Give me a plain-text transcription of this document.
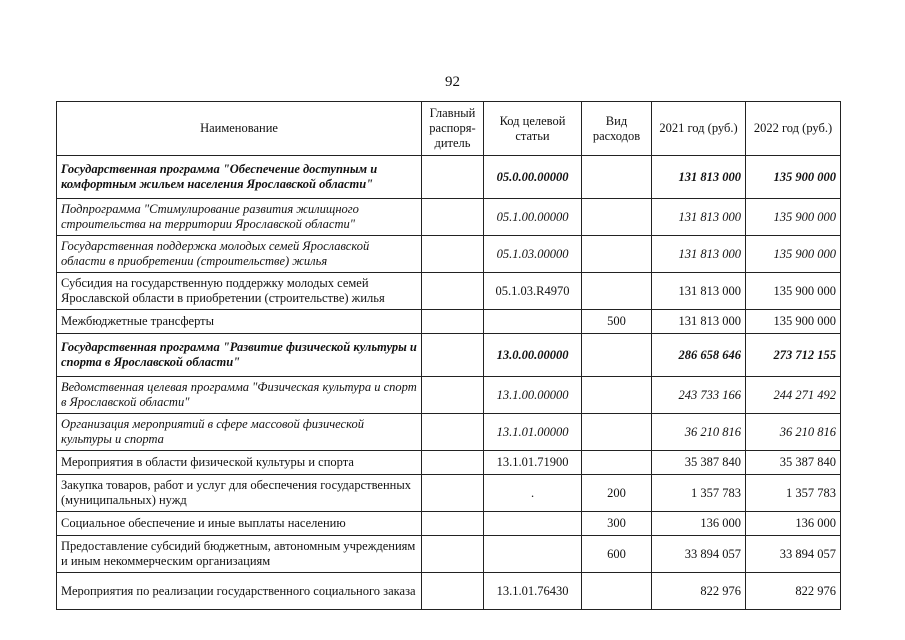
92
Наименование	Главный распоря-дитель	Код целевой статьи	Вид расходов	2021 год (руб.)	2022 год (руб.)
Государственная программа "Обеспечение доступным и комфортным жильем населения Ярославской области"		05.0.00.00000		131 813 000	135 900 000
Подпрограмма "Стимулирование развития жилищного строительства на территории Ярославской области"		05.1.00.00000		131 813 000	135 900 000
Государственная поддержка молодых семей Ярославской области в приобретении (строительстве) жилья		05.1.03.00000		131 813 000	135 900 000
Субсидия на государственную поддержку молодых семей Ярославской области в приобретении (строительстве) жилья		05.1.03.R4970		131 813 000	135 900 000
Межбюджетные трансферты			500	131 813 000	135 900 000
Государственная программа "Развитие физической культуры и спорта в Ярославской области"		13.0.00.00000		286 658 646	273 712 155
Ведомственная целевая программа "Физическая культура и спорт в Ярославской области"		13.1.00.00000		243 733 166	244 271 492
Организация мероприятий в сфере массовой физической культуры и спорта		13.1.01.00000		36 210 816	36 210 816
Мероприятия в области физической культуры и спорта		13.1.01.71900		35 387 840	35 387 840
Закупка товаров, работ и услуг для обеспечения государственных (муниципальных) нужд		.	200	1 357 783	1 357 783
Социальное обеспечение и иные выплаты населению			300	136 000	136 000
Предоставление субсидий бюджетным, автономным учреждениям и иным некоммерческим организациям			600	33 894 057	33 894 057
Мероприятия по реализации государственного социального заказа		13.1.01.76430		822 976	822 976
